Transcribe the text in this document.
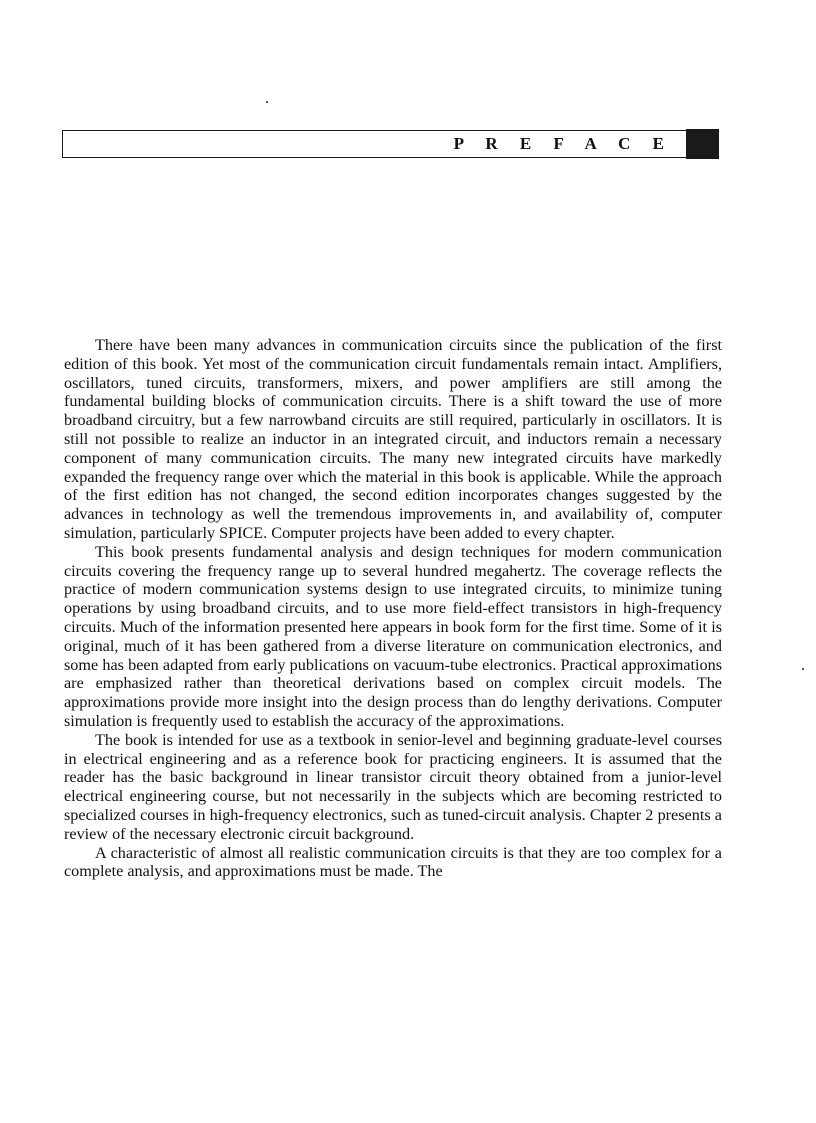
P R E F A C E

There have been many advances in communication circuits since the publication of the first edition of this book. Yet most of the communication circuit fundamentals remain intact. Amplifiers, oscillators, tuned circuits, transformers, mixers, and power amplifiers are still among the fundamental building blocks of communication circuits. There is a shift toward the use of more broadband circuitry, but a few narrowband circuits are still required, particularly in oscillators. It is still not possible to realize an inductor in an integrated circuit, and inductors remain a necessary component of many communication circuits. The many new integrated circuits have markedly expanded the frequency range over which the material in this book is applicable. While the approach of the first edition has not changed, the second edition incorporates changes suggested by the advances in technology as well the tremendous improvements in, and availability of, computer simulation, particularly SPICE. Computer projects have been added to every chapter.

This book presents fundamental analysis and design techniques for modern communication circuits covering the frequency range up to several hundred megahertz. The coverage reflects the practice of modern communication systems design to use integrated circuits, to minimize tuning operations by using broadband circuits, and to use more field-effect transistors in high-frequency circuits. Much of the information presented here appears in book form for the first time. Some of it is original, much of it has been gathered from a diverse literature on communication electronics, and some has been adapted from early publications on vacuum-tube electronics. Practical approximations are emphasized rather than theoretical derivations based on complex circuit models. The approximations provide more insight into the design process than do lengthy derivations. Computer simulation is frequently used to establish the accuracy of the approximations.

The book is intended for use as a textbook in senior-level and beginning graduate-level courses in electrical engineering and as a reference book for practicing engineers. It is assumed that the reader has the basic background in linear transistor circuit theory obtained from a junior-level electrical engineering course, but not necessarily in the subjects which are becoming restricted to specialized courses in high-frequency electronics, such as tuned-circuit analysis. Chapter 2 presents a review of the necessary electronic circuit background.

A characteristic of almost all realistic communication circuits is that they are too complex for a complete analysis, and approximations must be made. The
